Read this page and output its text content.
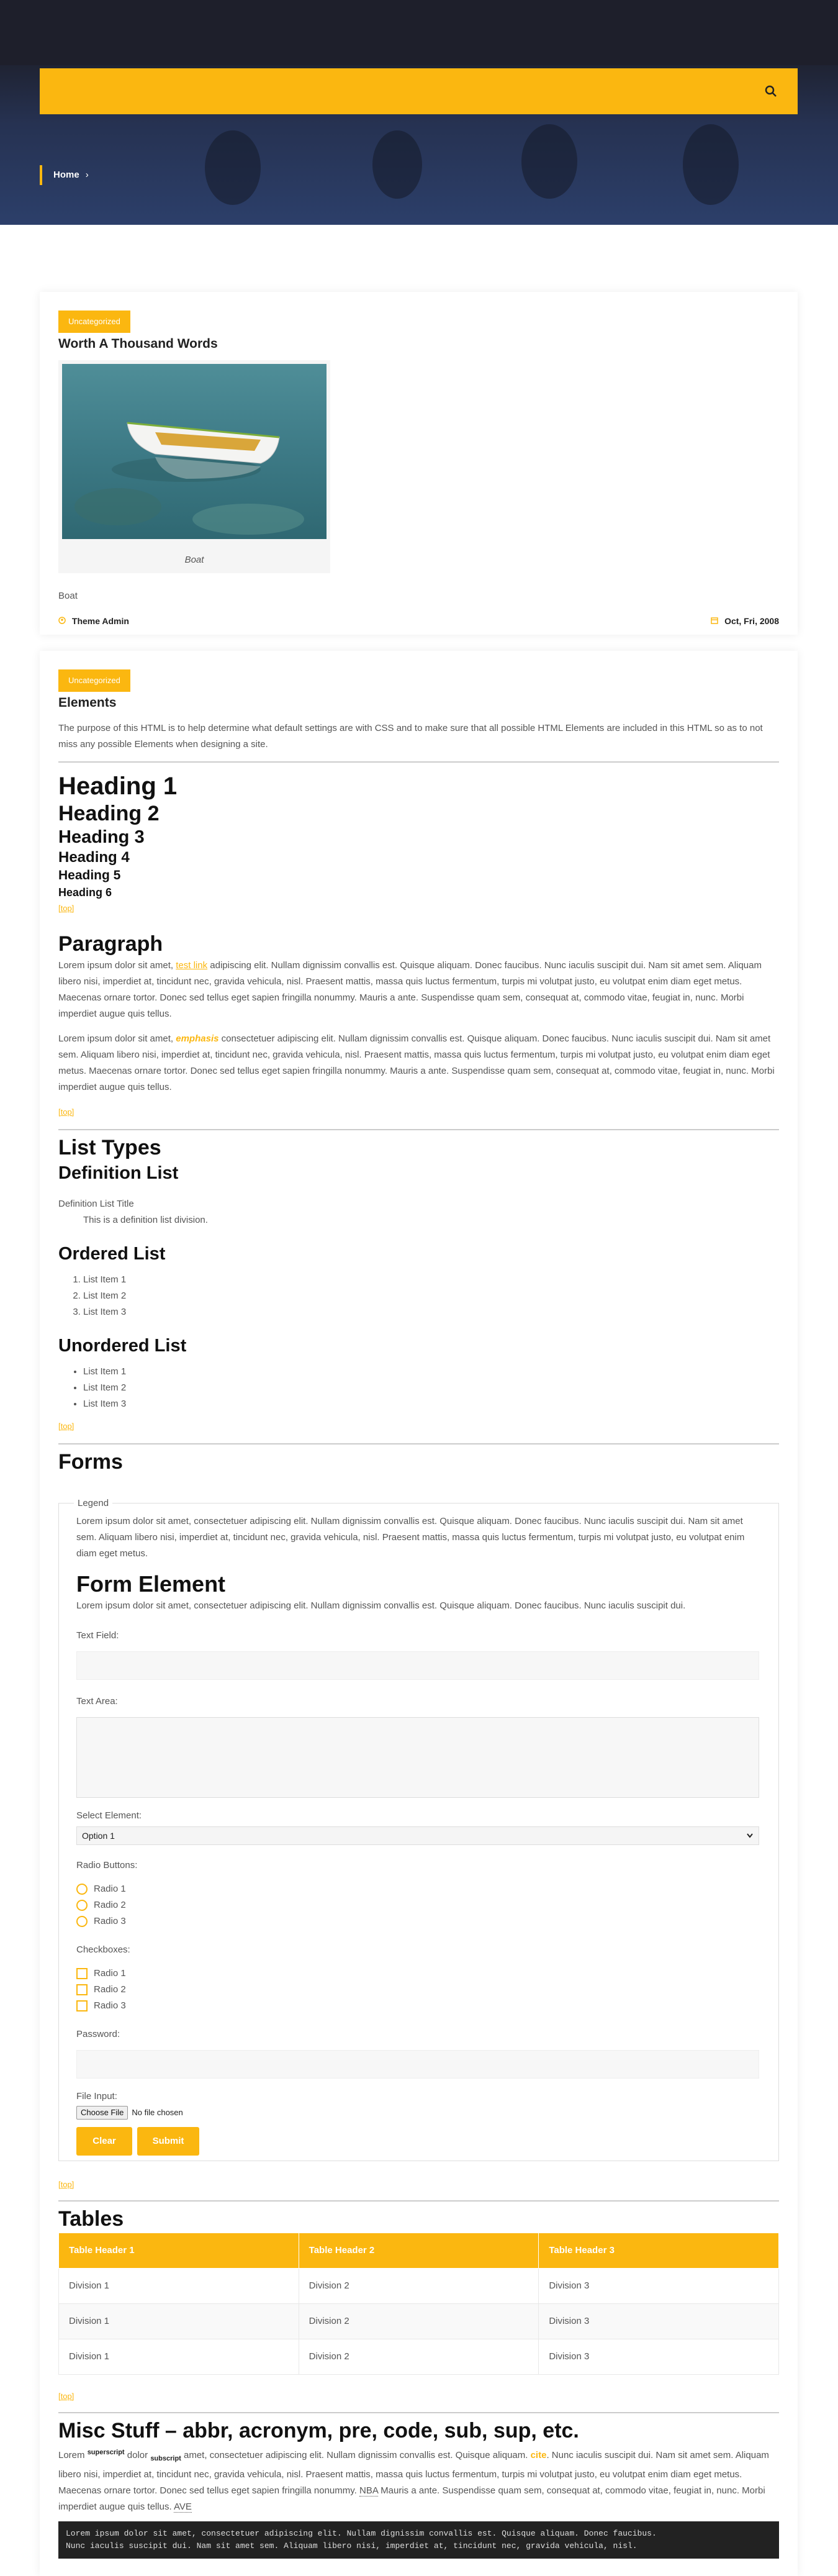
Home ›
Uncategorized
Worth A Thousand Words
Boat

Boat

Theme Admin	Oct, Fri, 2008
Uncategorized
Elements

The purpose of this HTML is to help determine what default settings are with CSS and to make sure that all possible HTML Elements are included in this HTML so as to not miss any possible Elements when designing a site.

Heading 1
Heading 2
Heading 3
Heading 4
Heading 5
Heading 6
[top]
Paragraph

Lorem ipsum dolor sit amet, test link adipiscing elit. Nullam dignissim convallis est. Quisque aliquam. Donec faucibus. Nunc iaculis suscipit dui. Nam sit amet sem. Aliquam libero nisi, imperdiet at, tincidunt nec, gravida vehicula, nisl. Praesent mattis, massa quis luctus fermentum, turpis mi volutpat justo, eu volutpat enim diam eget metus. Maecenas ornare tortor. Donec sed tellus eget sapien fringilla nonummy. Mauris a ante. Suspendisse quam sem, consequat at, commodo vitae, feugiat in, nunc. Morbi imperdiet augue quis tellus.

Lorem ipsum dolor sit amet, emphasis consectetuer adipiscing elit. Nullam dignissim convallis est. Quisque aliquam. Donec faucibus. Nunc iaculis suscipit dui. Nam sit amet sem. Aliquam libero nisi, imperdiet at, tincidunt nec, gravida vehicula, nisl. Praesent mattis, massa quis luctus fermentum, turpis mi volutpat justo, eu volutpat enim diam eget metus. Maecenas ornare tortor. Donec sed tellus eget sapien fringilla nonummy. Mauris a ante. Suspendisse quam sem, consequat at, commodo vitae, feugiat in, nunc. Morbi imperdiet augue quis tellus.

[top]
List Types
Definition List
Definition List Title
This is a definition list division.
Ordered List
1. List Item 1
2. List Item 2
3. List Item 3
Unordered List
• List Item 1
• List Item 2
• List Item 3
[top]
Forms
Legend

Lorem ipsum dolor sit amet, consectetuer adipiscing elit. Nullam dignissim convallis est. Quisque aliquam. Donec faucibus. Nunc iaculis suscipit dui. Nam sit amet sem. Aliquam libero nisi, imperdiet at, tincidunt nec, gravida vehicula, nisl. Praesent mattis, massa quis luctus fermentum, turpis mi volutpat justo, eu volutpat enim diam eget metus.

Form Element

Lorem ipsum dolor sit amet, consectetuer adipiscing elit. Nullam dignissim convallis est. Quisque aliquam. Donec faucibus. Nunc iaculis suscipit dui.

Text Field:
Text Area:
Select Element:
Option 1
Radio Buttons:
Radio 1
Radio 2
Radio 3
Checkboxes:
Radio 1
Radio 2
Radio 3
Password:
File Input:
Choose File	No file chosen
Clear	Submit
[top]
Tables
Table Header 1	Table Header 2	Table Header 3
Division 1	Division 2	Division 3
Division 1	Division 2	Division 3
Division 1	Division 2	Division 3
[top]
Misc Stuff – abbr, acronym, pre, code, sub, sup, etc.

Lorem $^{superscript}$ dolor $_{subscript}$ amet, consectetuer adipiscing elit. Nullam dignissim convallis est. Quisque aliquam. cite. Nunc iaculis suscipit dui. Nam sit amet sem. Aliquam libero nisi, imperdiet at, tincidunt nec, gravida vehicula, nisl. Praesent mattis, massa quis luctus fermentum, turpis mi volutpat justo, eu volutpat enim diam eget metus. Maecenas ornare tortor. Donec sed tellus eget sapien fringilla nonummy. NBA Mauris a ante. Suspendisse quam sem, consequat at, commodo vitae, feugiat in, nunc. Morbi imperdiet augue quis tellus. AVE

Lorem ipsum dolor sit amet, consectetuer adipiscing elit. Nullam dignissim convallis est. Quisque aliquam. Donec faucibus.
Nunc iaculis suscipit dui. Nam sit amet sem. Aliquam libero nisi, imperdiet at, tincidunt nec, gravida vehicula, nisl.
